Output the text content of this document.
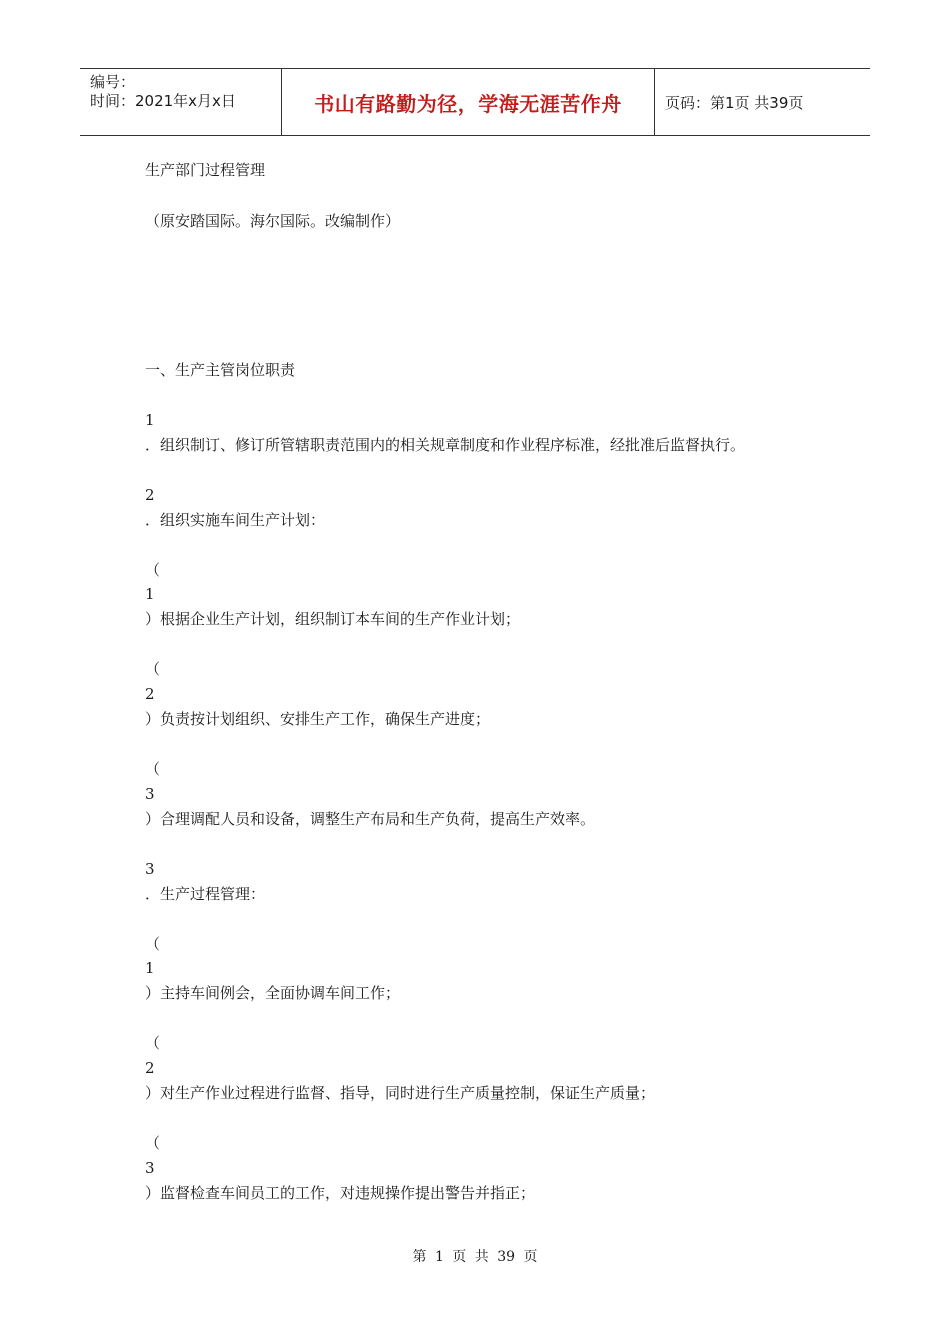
编号：
时间：2021年x月x日	书山有路勤为径，学海无涯苦作舟	页码：第1页 共39页
生产部门过程管理
（原安踏国际。海尔国际。改编制作）
一、生产主管岗位职责
1
．组织制订、修订所管辖职责范围内的相关规章制度和作业程序标准，经批准后监督执行。
2
．组织实施车间生产计划：
（
1
）根据企业生产计划，组织制订本车间的生产作业计划；
（
2
）负责按计划组织、安排生产工作，确保生产进度；
（
3
）合理调配人员和设备，调整生产布局和生产负荷，提高生产效率。
3
．生产过程管理：
（
1
）主持车间例会，全面协调车间工作；
（
2
）对生产作业过程进行监督、指导，同时进行生产质量控制，保证生产质量；
（
3
）监督检查车间员工的工作，对违规操作提出警告并指正；
第 1 页 共 39 页
